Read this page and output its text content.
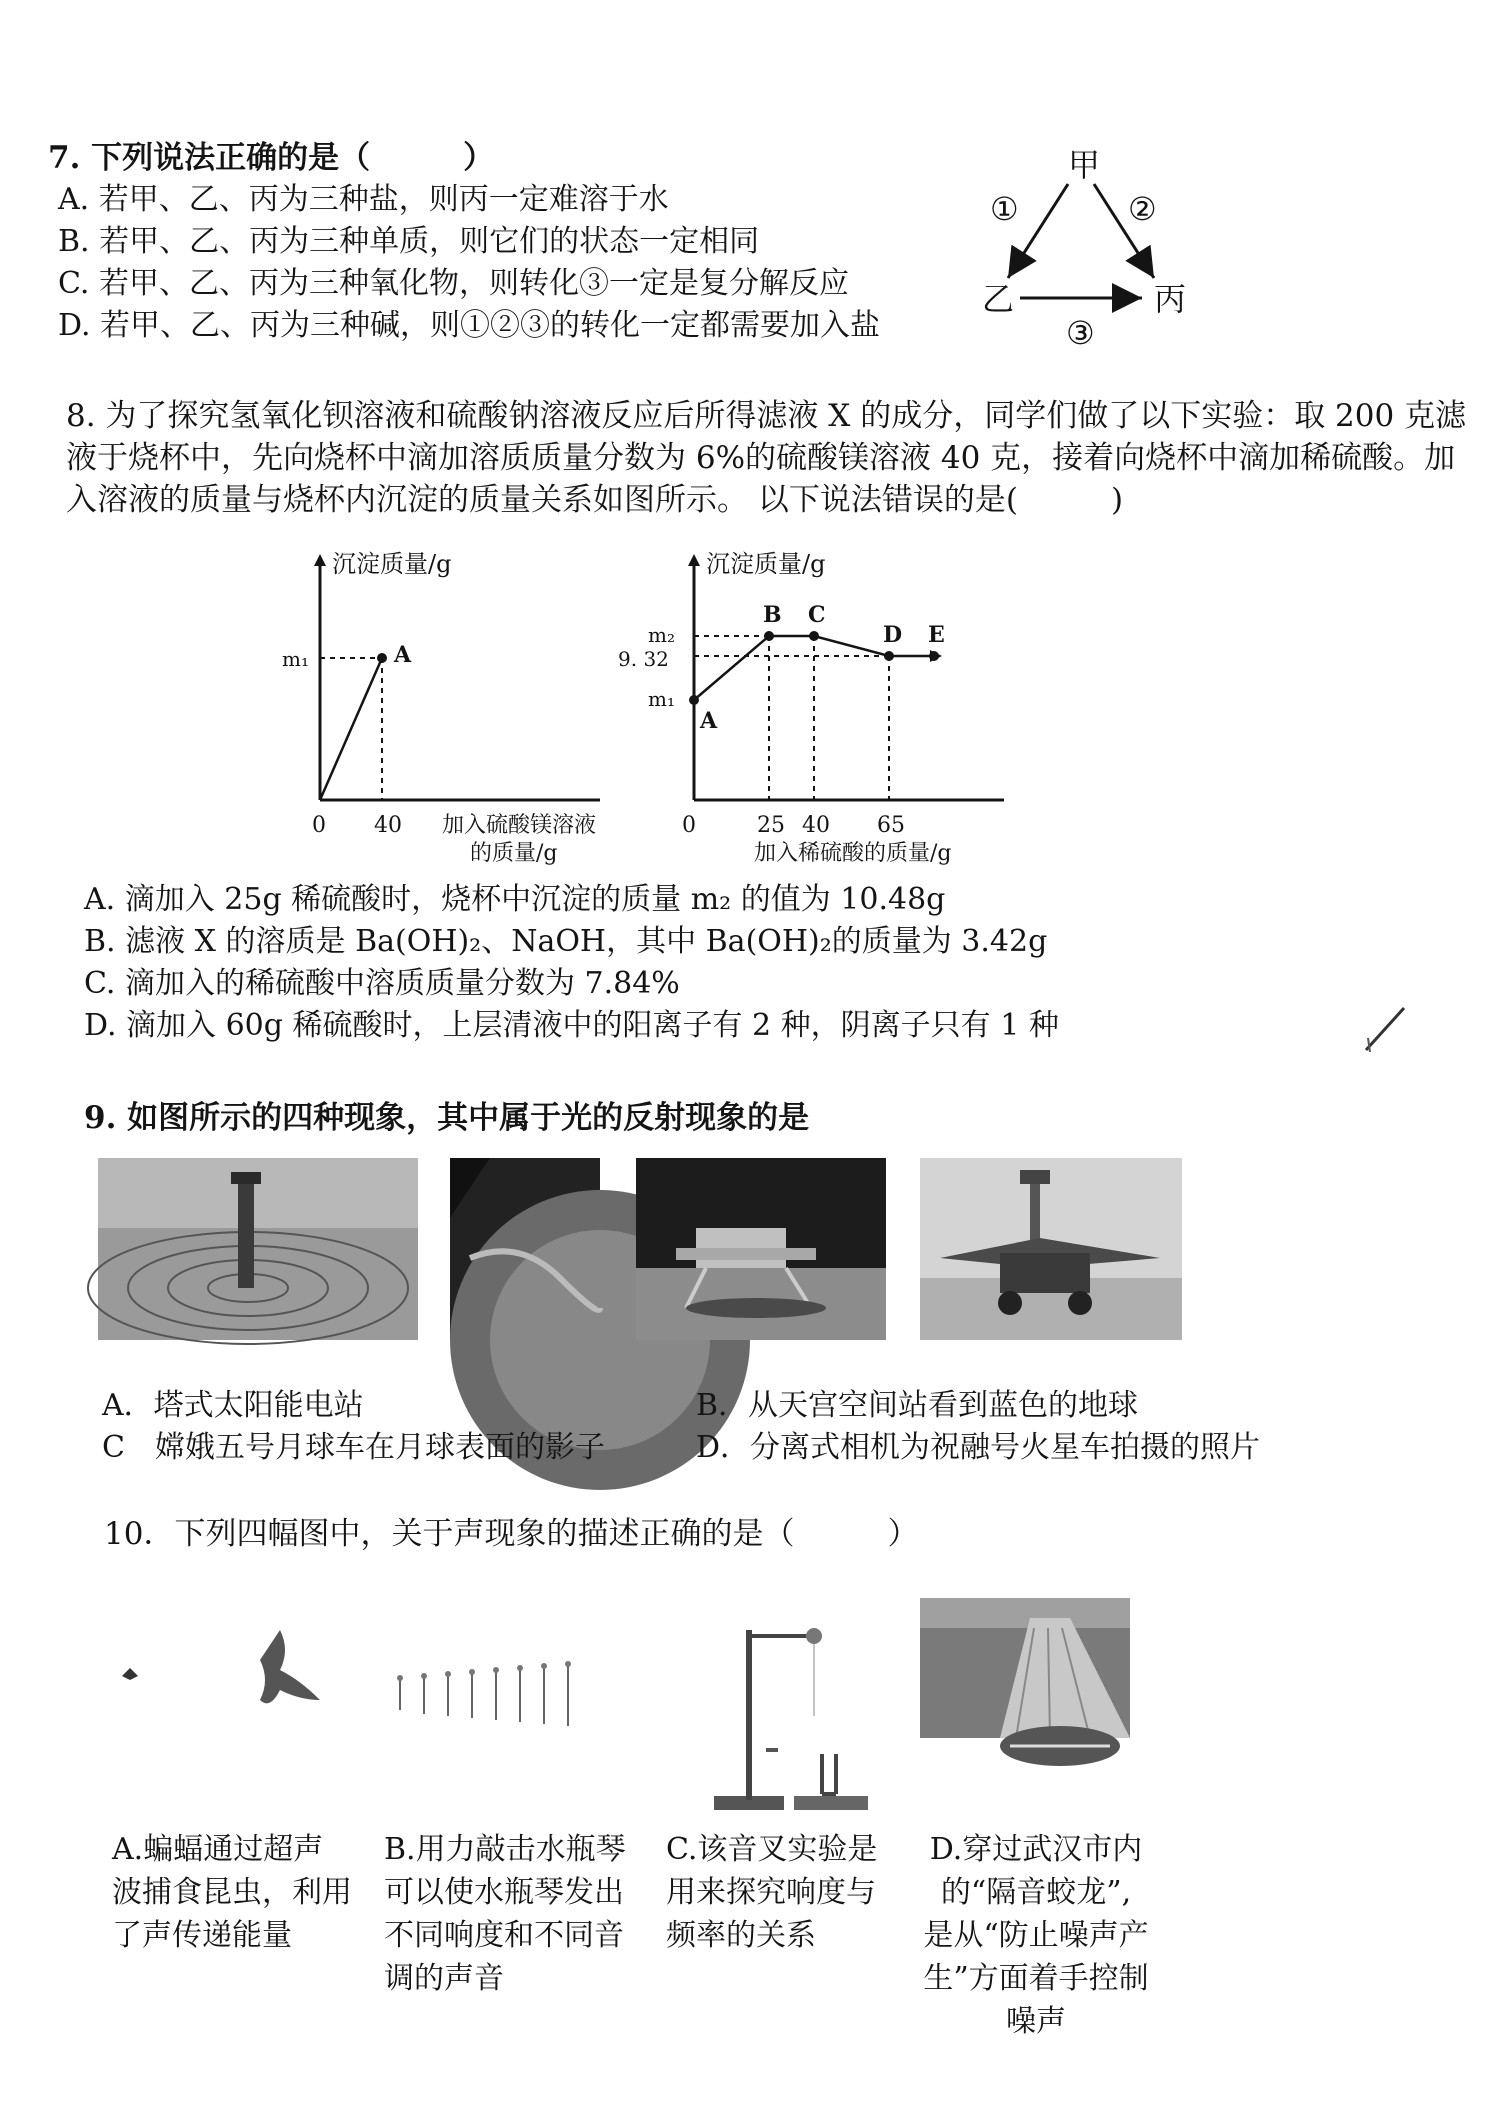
7. 下列说法正确的是（　　　）
A. 若甲、乙、丙为三种盐，则丙一定难溶于水
B. 若甲、乙、丙为三种单质，则它们的状态一定相同
C. 若甲、乙、丙为三种氧化物，则转化③一定是复分解反应
D. 若甲、乙、丙为三种碱，则①②③的转化一定都需要加入盐
甲
乙	丙
①	②
③
8. 为了探究氢氧化钡溶液和硫酸钠溶液反应后所得滤液 X 的成分，同学们做了以下实验：取 200 克滤
液于烧杯中，先向烧杯中滴加溶质质量分数为 6%的硫酸镁溶液 40 克，接着向烧杯中滴加稀硫酸。加
入溶液的质量与烧杯内沉淀的质量关系如图所示。 以下说法错误的是(　　　)
沉淀质量/g
0 40 加入硫酸镁溶液
的质量/g
m₁	A
沉淀质量/g
m₂
9. 32
m₁
0	25 40 65
加入稀硫酸的质量/g
A
B C
D E
A. 滴加入 25g 稀硫酸时，烧杯中沉淀的质量 m₂ 的值为 10.48g
B. 滤液 X 的溶质是 Ba(OH)₂、NaOH，其中 Ba(OH)₂的质量为 3.42g
C. 滴加入的稀硫酸中溶质质量分数为 7.84%
D. 滴加入 60g 稀硫酸时，上层清液中的阳离子有 2 种，阴离子只有 1 种
9. 如图所示的四种现象，其中属于光的反射现象的是
A．塔式太阳能电站	B．从天宫空间站看到蓝色的地球
C　嫦娥五号月球车在月球表面的影子	D．分离式相机为祝融号火星车拍摄的照片
10．下列四幅图中，关于声现象的描述正确的是（　　　）
A.蝙蝠通过超声
波捕食昆虫，利用
了声传递能量
B.用力敲击水瓶琴
可以使水瓶琴发出
不同响度和不同音
调的声音
C.该音叉实验是
用来探究响度与
频率的关系
D.穿过武汉市内
的“隔音蛟龙”,
是从“防止噪声产
生”方面着手控制
噪声
